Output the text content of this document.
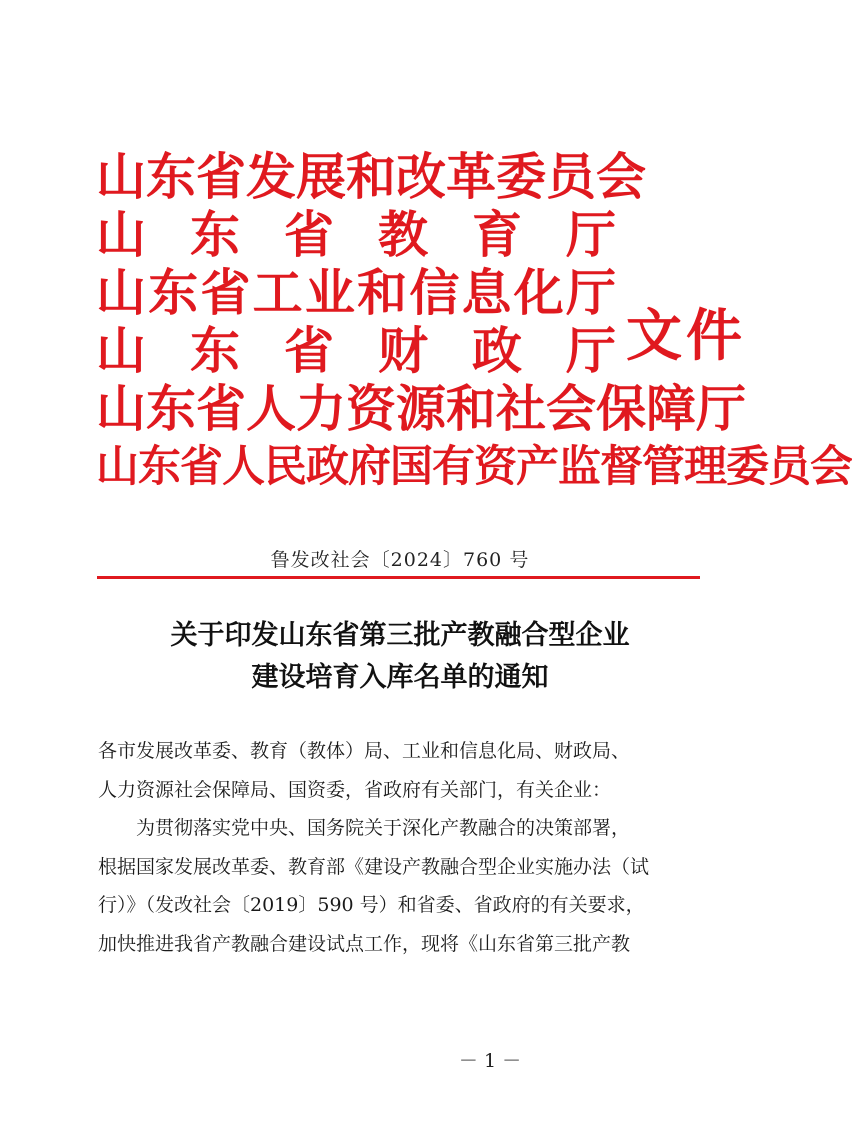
山 东 省 发 展 和 改 革 委 员 会
山 东 省 教 育 厅
山 东 省 工 业 和 信 息 化 厅
山 东 省 财 政 厅
山 东 省 人 力 资 源 和 社 会 保 障 厅
山 东 省 人 民 政 府 国 有 资 产 监 督 管 理 委 员 会
文件
鲁发改社会〔2024〕760 号
关于印发山东省第三批产教融合型企业
建设培育入库名单的通知

各市发展改革委、教育（教体）局、工业和信息化局、财政局、
人力资源社会保障局、国资委，省政府有关部门，有关企业：

为贯彻落实党中央、国务院关于深化产教融合的决策部署，
根据国家发展改革委、教育部《建设产教融合型企业实施办法（试
行）》（发改社会〔2019〕590 号）和省委、省政府的有关要求，
加快推进我省产教融合建设试点工作，现将《山东省第三批产教

－ 1 －
